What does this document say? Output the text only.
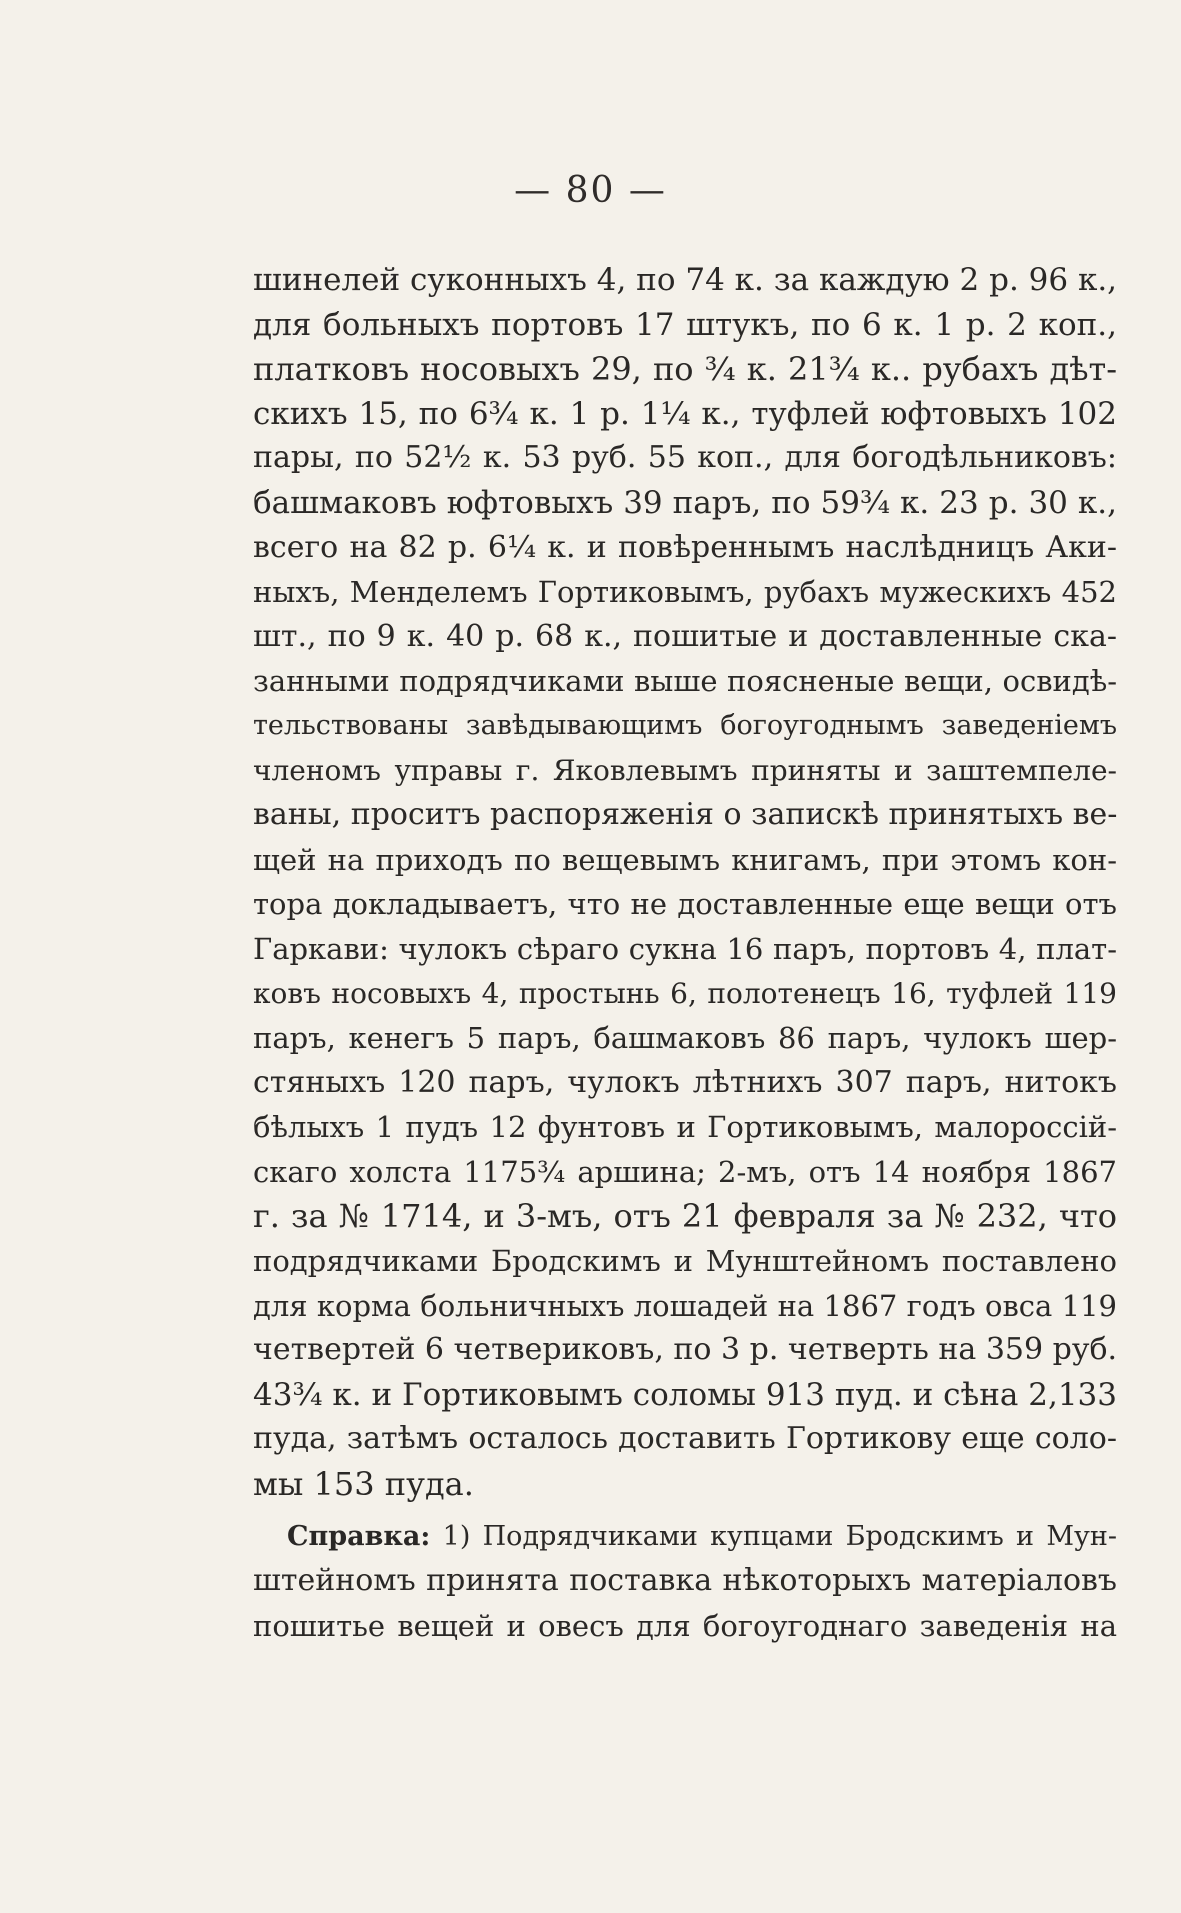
— 80 —
шинелей суконныхъ 4, по 74 к. за каждую 2 р. 96 к.,
для больныхъ портовъ 17 штукъ, по 6 к. 1 р. 2 коп.,
платковъ носовыхъ 29, по ¾ к. 21¾ к.. рубахъ дѣт-
скихъ 15, по 6¾ к. 1 р. 1¼ к., туфлей юфтовыхъ 102
пары, по 52½ к. 53 руб. 55 коп., для богодѣльниковъ:
башмаковъ юфтовыхъ 39 паръ, по 59¾ к. 23 р. 30 к.,
всего на 82 р. 6¼ к. и повѣреннымъ наслѣдницъ Аки-
ныхъ, Менделемъ Гортиковымъ, рубахъ мужескихъ 452
шт., по 9 к. 40 р. 68 к., пошитые и доставленные ска-
занными подрядчиками выше поясненые вещи, освидѣ-
тельствованы завѣдывающимъ богоугоднымъ заведеніемъ
членомъ управы г. Яковлевымъ приняты и заштемпеле-
ваны, проситъ распоряженія о запискѣ принятыхъ ве-
щей на приходъ по вещевымъ книгамъ, при этомъ кон-
тора докладываетъ, что не доставленные еще вещи отъ
Гаркави: чулокъ сѣраго сукна 16 паръ, портовъ 4, плат-
ковъ носовыхъ 4, простынь 6, полотенецъ 16, туфлей 119
паръ, кенегъ 5 паръ, башмаковъ 86 паръ, чулокъ шер-
стяныхъ 120 паръ, чулокъ лѣтнихъ 307 паръ, нитокъ
бѣлыхъ 1 пудъ 12 фунтовъ и Гортиковымъ, малороссій-
скаго холста 1175¾ аршина; 2-мъ, отъ 14 ноября 1867
г. за № 1714, и 3-мъ, отъ 21 февраля за № 232, что
подрядчиками Бродскимъ и Мунштейномъ поставлено
для корма больничныхъ лошадей на 1867 годъ овса 119
четвертей 6 четвериковъ, по 3 р. четверть на 359 руб.
43¾ к. и Гортиковымъ соломы 913 пуд. и сѣна 2,133
пуда, затѣмъ осталось доставить Гортикову еще соло-
мы 153 пуда.
Справка: 1) Подрядчиками купцами Бродскимъ и Мун-
штейномъ принята поставка нѣкоторыхъ матеріаловъ
пошитье вещей и овесъ для богоугоднаго заведенія на
